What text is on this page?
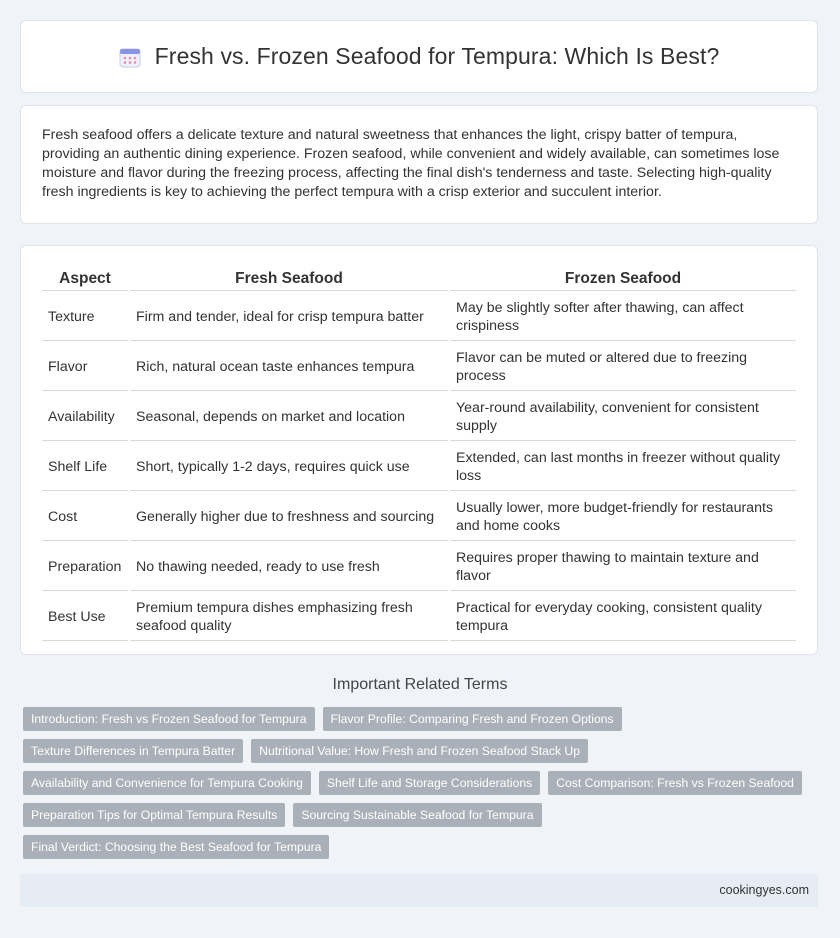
Fresh vs. Frozen Seafood for Tempura: Which Is Best?
Fresh seafood offers a delicate texture and natural sweetness that enhances the light, crispy batter of tempura, providing an authentic dining experience. Frozen seafood, while convenient and widely available, can sometimes lose moisture and flavor during the freezing process, affecting the final dish's tenderness and taste. Selecting high-quality fresh ingredients is key to achieving the perfect tempura with a crisp exterior and succulent interior.
Aspect	Fresh Seafood	Frozen Seafood
Texture	Firm and tender, ideal for crisp tempura batter	May be slightly softer after thawing, can affect crispiness
Flavor	Rich, natural ocean taste enhances tempura	Flavor can be muted or altered due to freezing process
Availability	Seasonal, depends on market and location	Year-round availability, convenient for consistent supply
Shelf Life	Short, typically 1-2 days, requires quick use	Extended, can last months in freezer without quality loss
Cost	Generally higher due to freshness and sourcing	Usually lower, more budget-friendly for restaurants and home cooks
Preparation	No thawing needed, ready to use fresh	Requires proper thawing to maintain texture and flavor
Best Use	Premium tempura dishes emphasizing fresh seafood quality	Practical for everyday cooking, consistent quality tempura
Important Related Terms
Introduction: Fresh vs Frozen Seafood for Tempura	Flavor Profile: Comparing Fresh and Frozen Options
Texture Differences in Tempura Batter	Nutritional Value: How Fresh and Frozen Seafood Stack Up
Availability and Convenience for Tempura Cooking	Shelf Life and Storage Considerations	Cost Comparison: Fresh vs Frozen Seafood
Preparation Tips for Optimal Tempura Results	Sourcing Sustainable Seafood for Tempura
Final Verdict: Choosing the Best Seafood for Tempura
cookingyes.com
